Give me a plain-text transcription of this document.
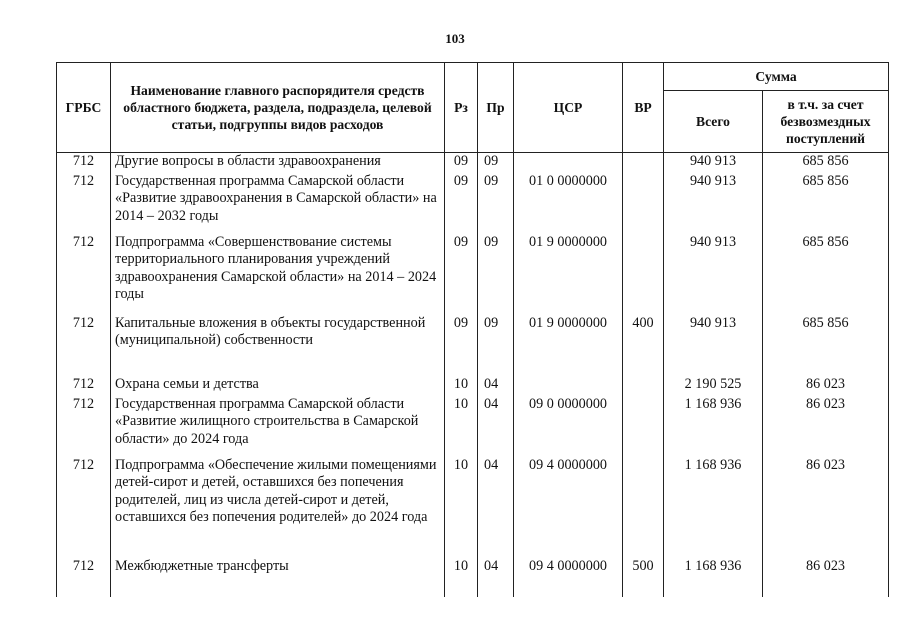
103
ГРБС	Наименование главного распорядителя средств областного бюджета, раздела, подраздела, целевой статьи, подгруппы видов расходов	Рз	Пр	ЦСР	ВР	Сумма	
						Всего	в т.ч. за счет безвозмездных поступлений
712	Другие вопросы в области здравоохранения	09	09			940 913	685 856
712	Государственная программа Самарской области «Развитие здравоохранения в Самарской области» на 2014 – 2032 годы	09	09	01 0 0000000		940 913	685 856
712	Подпрограмма «Совершенствование системы территориального планирования учреждений здравоохранения Самарской области» на 2014 – 2024 годы	09	09	01 9 0000000		940 913	685 856
712	Капитальные вложения в объекты государственной (муниципальной) собственности	09	09	01 9 0000000	400	940 913	685 856
712	Охрана семьи и детства	10	04			2 190 525	86 023
712	Государственная программа Самарской области «Развитие жилищного строительства в Самарской области» до 2024 года	10	04	09 0 0000000		1 168 936	86 023
712	Подпрограмма «Обеспечение жилыми помещениями детей-сирот и детей, оставшихся без попечения родителей, лиц из числа детей-сирот и детей, оставшихся без попечения родителей» до 2024 года	10	04	09 4 0000000		1 168 936	86 023
712	Межбюджетные трансферты	10	04	09 4 0000000	500	1 168 936	86 023
